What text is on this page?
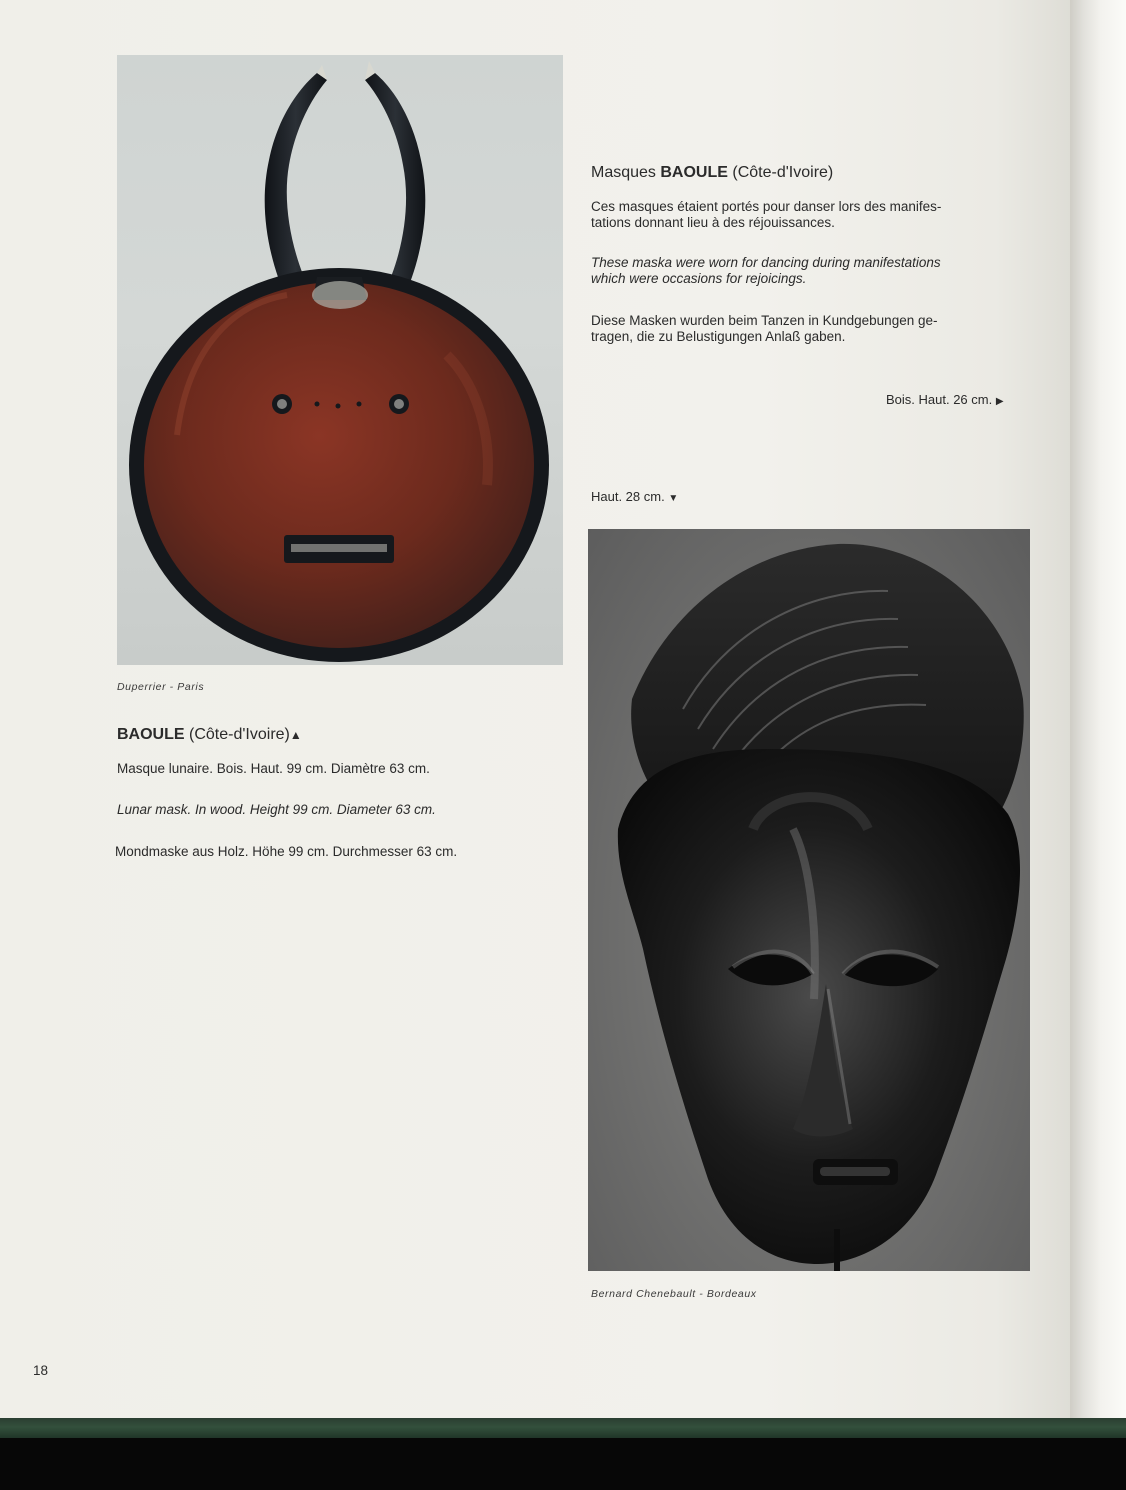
Masques BAOULE (Côte-d'Ivoire)

Ces masques étaient portés pour danser lors des manifes-
tations donnant lieu à des réjouissances.

These maska were worn for dancing during manifestations
which were occasions for rejoicings.

Diese Masken wurden beim Tanzen in Kundgebungen ge-
tragen, die zu Belustigungen Anlaß gaben.

Bois. Haut. 26 cm. ▶

Haut. 28 cm. ▼

Duperrier - Paris

BAOULE (Côte-d'Ivoire)▲

Masque lunaire. Bois. Haut. 99 cm. Diamètre 63 cm.

Lunar mask. In wood. Height 99 cm. Diameter 63 cm.

Mondmaske aus Holz. Höhe 99 cm. Durchmesser 63 cm.

Bernard Chenebault - Bordeaux

18
